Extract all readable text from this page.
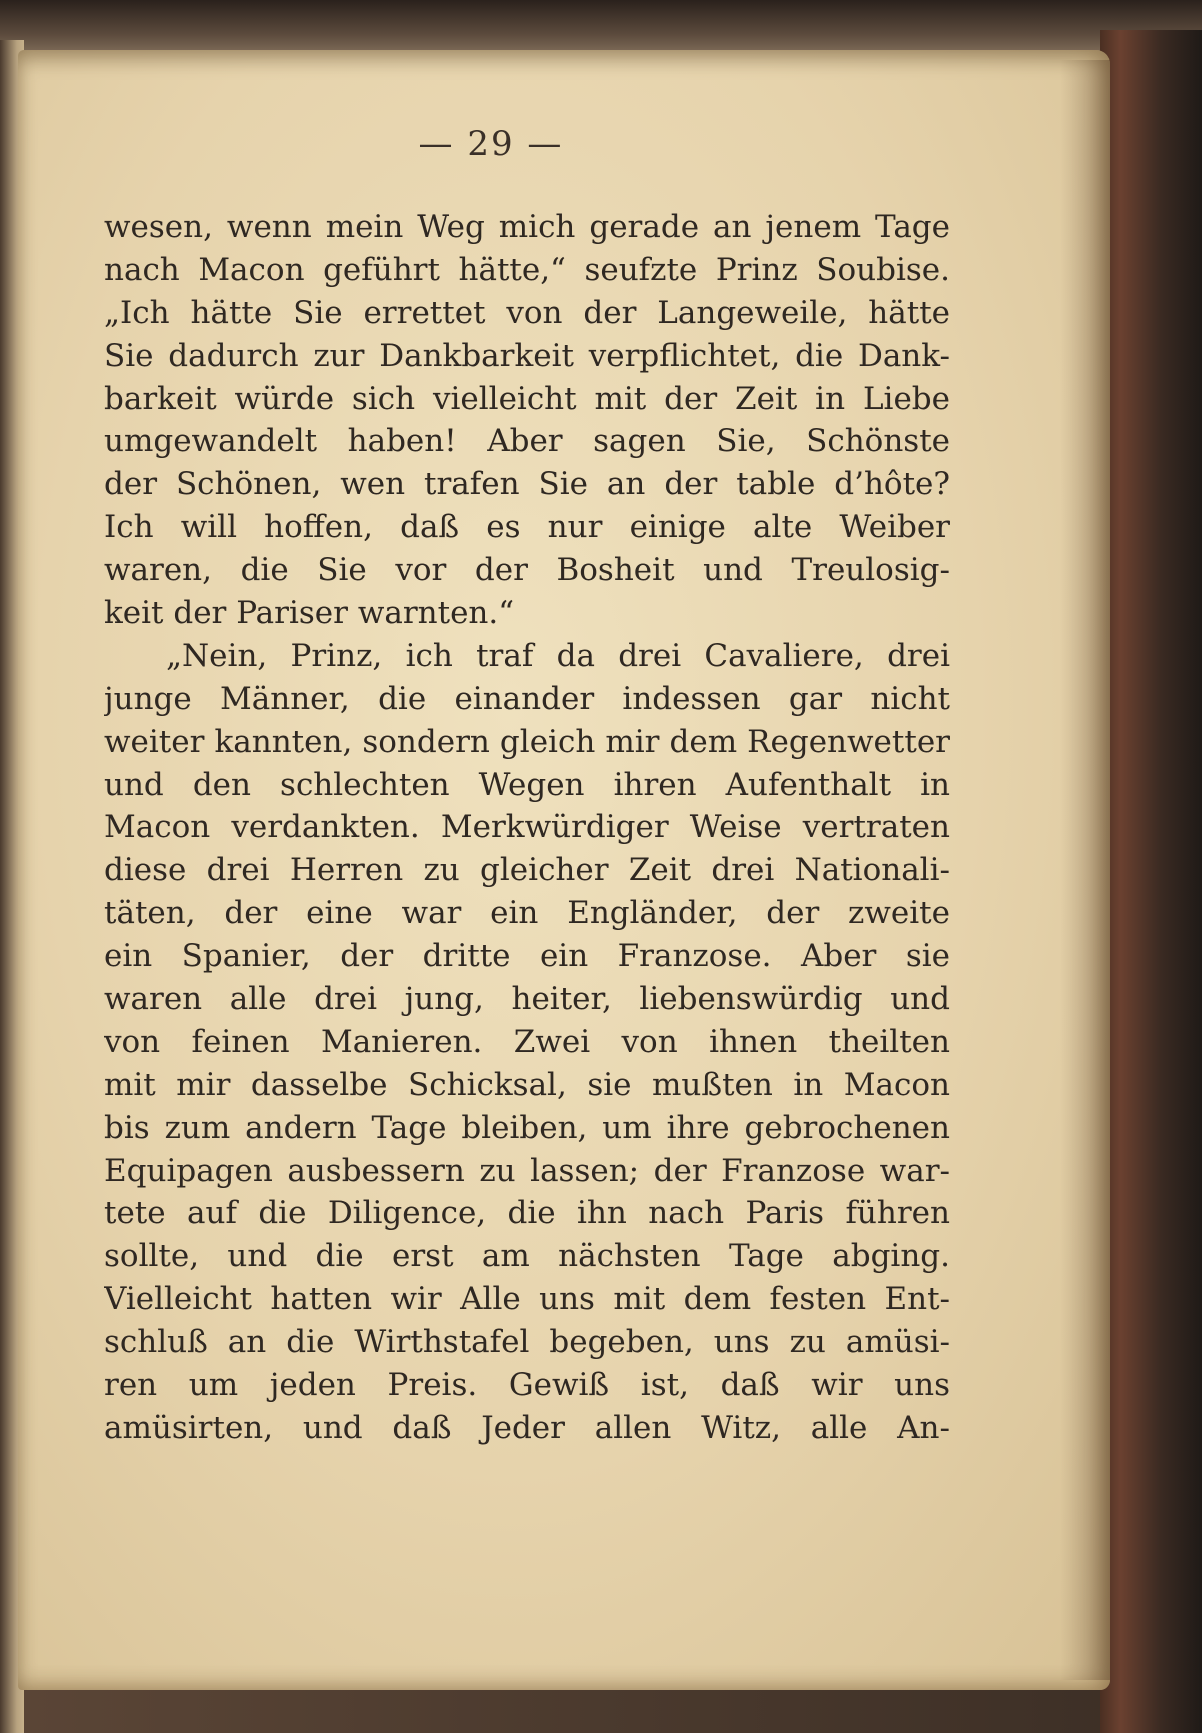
— 29 —
wesen, wenn mein Weg mich gerade an jenem Tage
nach Macon geführt hätte,“ seufzte Prinz Soubise.
„Ich hätte Sie errettet von der Langeweile, hätte
Sie dadurch zur Dankbarkeit verpflichtet, die Dank-
barkeit würde sich vielleicht mit der Zeit in Liebe
umgewandelt haben! Aber sagen Sie, Schönste
der Schönen, wen trafen Sie an der table d’hôte?
Ich will hoffen, daß es nur einige alte Weiber
waren, die Sie vor der Bosheit und Treulosig-
keit der Pariser warnten.“
„Nein, Prinz, ich traf da drei Cavaliere, drei
junge Männer, die einander indessen gar nicht
weiter kannten, sondern gleich mir dem Regenwetter
und den schlechten Wegen ihren Aufenthalt in
Macon verdankten. Merkwürdiger Weise vertraten
diese drei Herren zu gleicher Zeit drei Nationali-
täten, der eine war ein Engländer, der zweite
ein Spanier, der dritte ein Franzose. Aber sie
waren alle drei jung, heiter, liebenswürdig und
von feinen Manieren. Zwei von ihnen theilten
mit mir dasselbe Schicksal, sie mußten in Macon
bis zum andern Tage bleiben, um ihre gebrochenen
Equipagen ausbessern zu lassen; der Franzose war-
tete auf die Diligence, die ihn nach Paris führen
sollte, und die erst am nächsten Tage abging.
Vielleicht hatten wir Alle uns mit dem festen Ent-
schluß an die Wirthstafel begeben, uns zu amüsi-
ren um jeden Preis. Gewiß ist, daß wir uns
amüsirten, und daß Jeder allen Witz, alle An-
